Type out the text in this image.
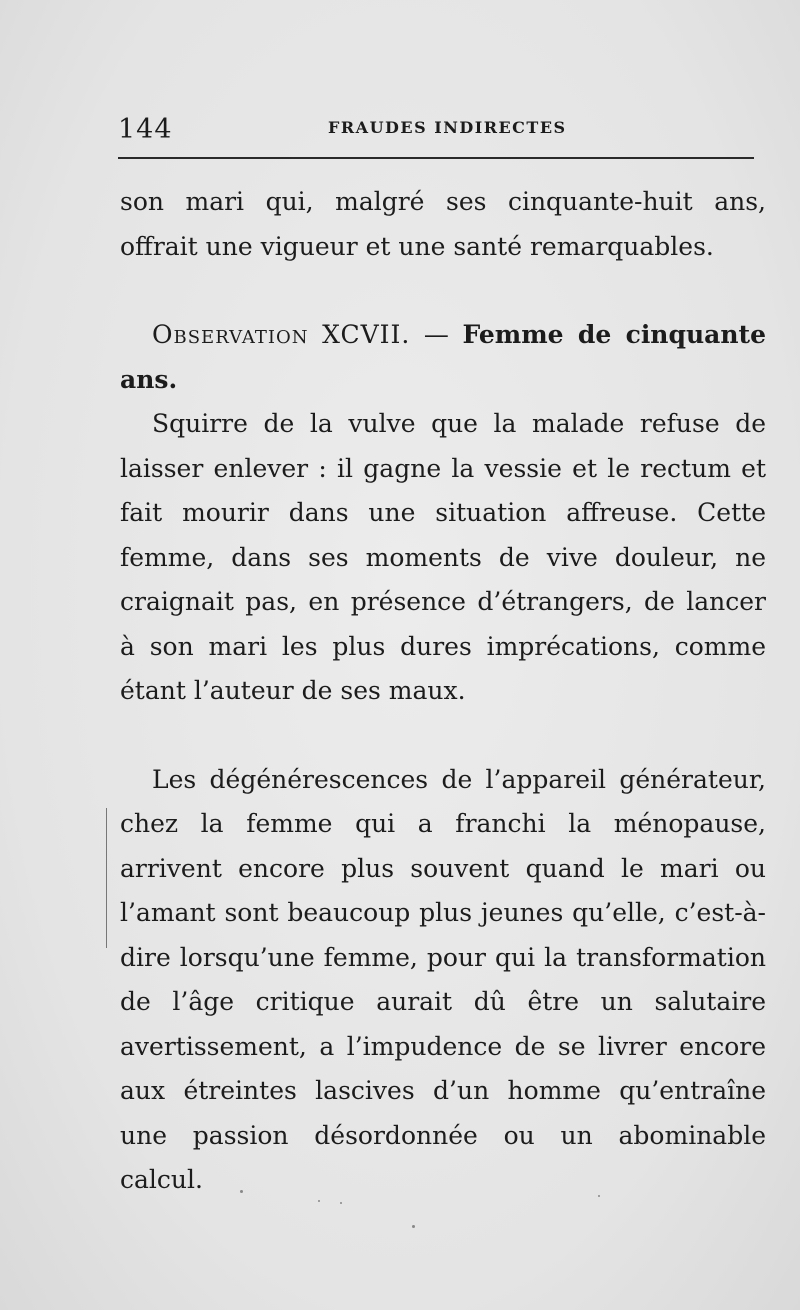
144	FRAUDES INDIRECTES

son mari qui, malgré ses cinquante-huit ans, offrait une vigueur et une santé remarquables.

Observation XCVII. — Femme de cinquante ans.

Squirre de la vulve que la malade refuse de laisser enlever : il gagne la vessie et le rectum et fait mourir dans une situation affreuse. Cette femme, dans ses moments de vive douleur, ne craignait pas, en présence d’étrangers, de lancer à son mari les plus dures imprécations, comme étant l’auteur de ses maux.

Les dégénérescences de l’appareil générateur, chez la femme qui a franchi la ménopause, arrivent encore plus souvent quand le mari ou l’amant sont beaucoup plus jeunes qu’elle, c’est-à-dire lorsqu’une femme, pour qui la transformation de l’âge critique aurait dû être un salutaire avertissement, a l’impudence de se livrer encore aux étreintes lascives d’un homme qu’entraîne une passion désordonnée ou un abominable calcul.
